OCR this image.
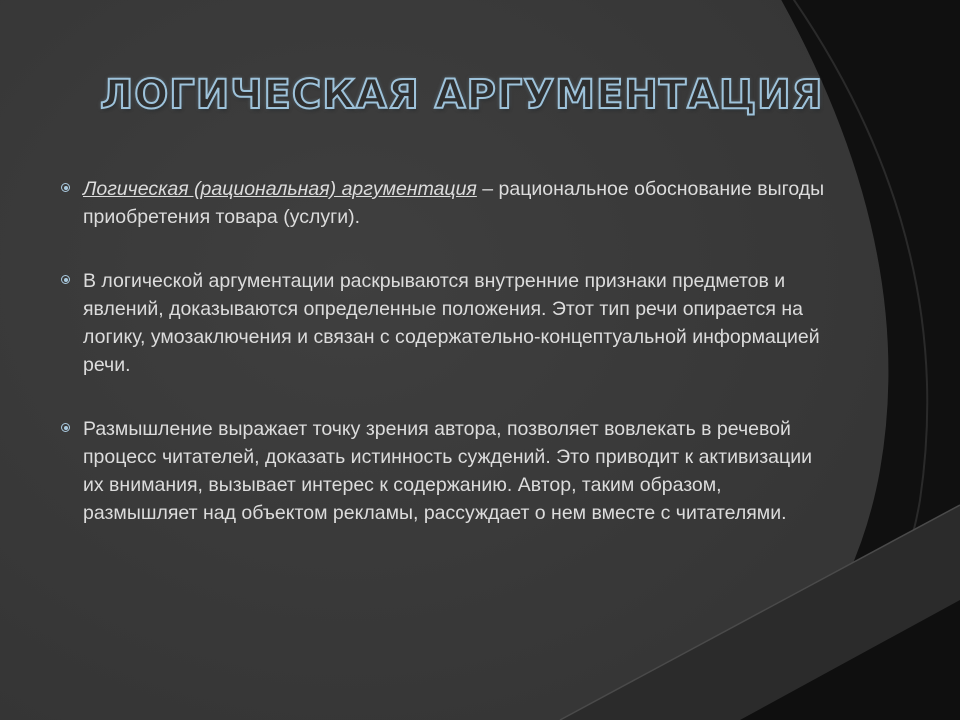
ЛОГИЧЕСКАЯ АРГУМЕНТАЦИЯ
Логическая (рациональная) аргументация – рациональное обоснование выгоды приобретения товара (услуги).
В логической аргументации раскрываются внутренние признаки предметов и явлений, доказываются определенные положения. Этот тип речи опирается на логику, умозаключения и связан с содержательно-концептуальной информацией речи.
Размышление выражает точку зрения автора, позволяет вовлекать в речевой процесс читателей, доказать истинность суждений. Это приводит к активизации их внимания, вызывает интерес к содержанию. Автор, таким образом, размышляет над объектом рекламы, рассуждает о нем вместе с читателями.
